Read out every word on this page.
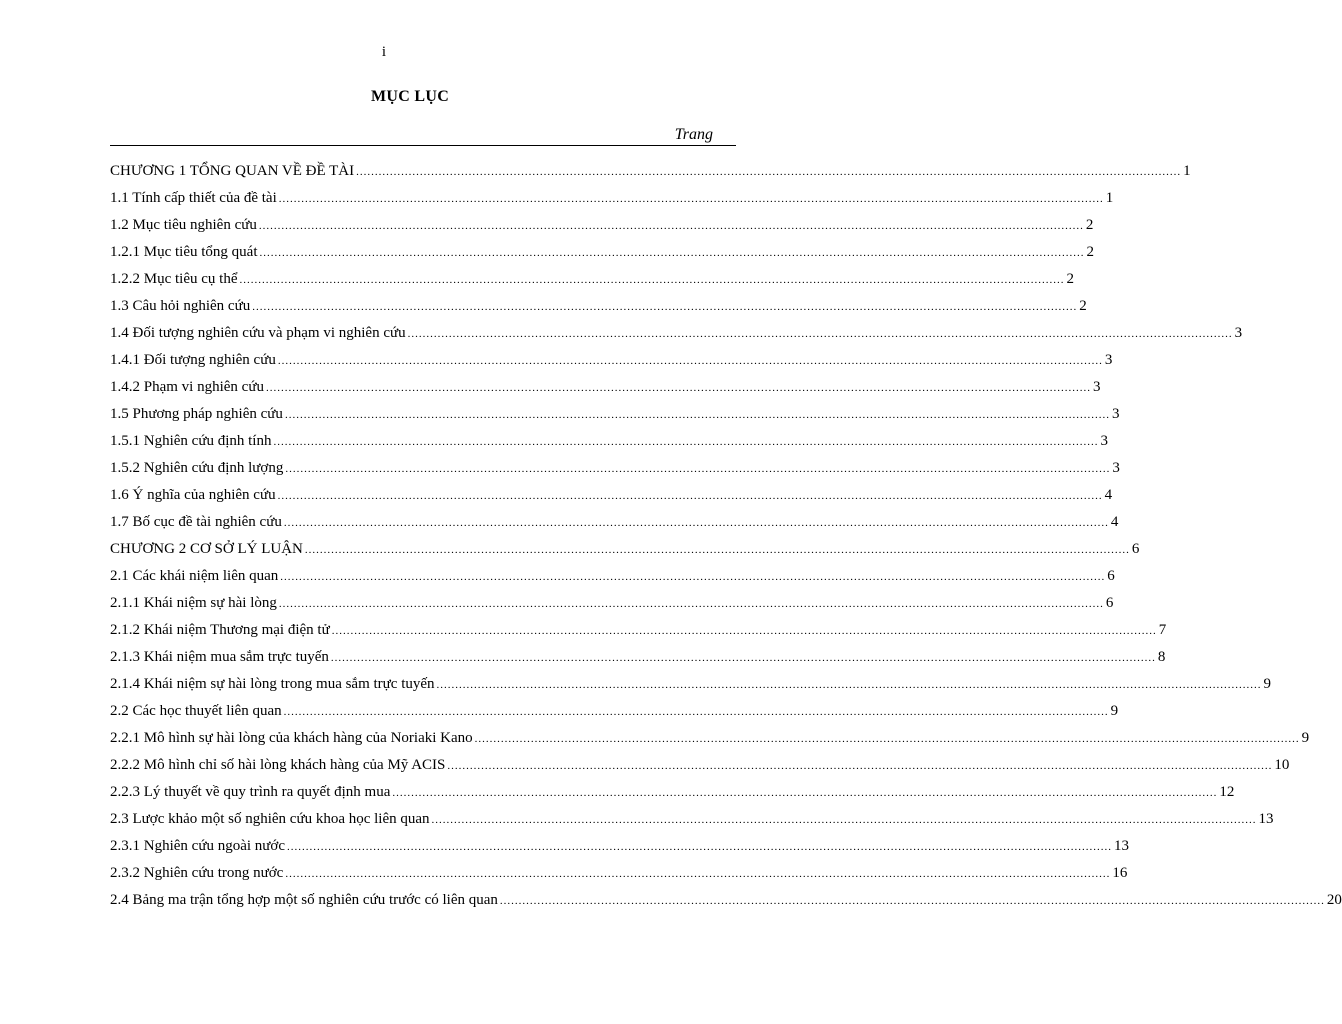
i
MỤC LỤC
Trang
CHƯƠNG 1 TỔNG QUAN VỀ ĐỀ TÀI ............................................................................................................................................................................................................................ 1
1.1 Tính cấp thiết của đề tài ............................................................................................................................................................................................................................ 1
1.2 Mục tiêu nghiên cứu ............................................................................................................................................................................................................................ 2
1.2.1 Mục tiêu tổng quát ............................................................................................................................................................................................................................ 2
1.2.2 Mục tiêu cụ thể ............................................................................................................................................................................................................................ 2
1.3 Câu hỏi nghiên cứu ............................................................................................................................................................................................................................ 2
1.4 Đối tượng nghiên cứu và phạm vi nghiên cứu ............................................................................................................................................................................................................................ 3
1.4.1 Đối tượng nghiên cứu ............................................................................................................................................................................................................................ 3
1.4.2 Phạm vi nghiên cứu ............................................................................................................................................................................................................................ 3
1.5 Phương pháp nghiên cứu ............................................................................................................................................................................................................................ 3
1.5.1 Nghiên cứu định tính ............................................................................................................................................................................................................................ 3
1.5.2 Nghiên cứu định lượng ............................................................................................................................................................................................................................ 3
1.6 Ý nghĩa của nghiên cứu ............................................................................................................................................................................................................................ 4
1.7 Bố cục đề tài nghiên cứu ............................................................................................................................................................................................................................ 4
CHƯƠNG 2 CƠ SỞ LÝ LUẬN ............................................................................................................................................................................................................................ 6
2.1 Các khái niệm liên quan ............................................................................................................................................................................................................................ 6
2.1.1 Khái niệm sự hài lòng ............................................................................................................................................................................................................................ 6
2.1.2 Khái niệm Thương mại điện tử ............................................................................................................................................................................................................................ 7
2.1.3 Khái niệm mua sắm trực tuyến ............................................................................................................................................................................................................................ 8
2.1.4 Khái niệm sự hài lòng trong mua sắm trực tuyến ............................................................................................................................................................................................................................ 9
2.2 Các học thuyết liên quan ............................................................................................................................................................................................................................ 9
2.2.1 Mô hình sự hài lòng của khách hàng của Noriaki Kano ............................................................................................................................................................................................................................ 9
2.2.2 Mô hình chỉ số hài lòng khách hàng của Mỹ ACIS ............................................................................................................................................................................................................................ 10
2.2.3 Lý thuyết về quy trình ra quyết định mua ............................................................................................................................................................................................................................ 12
2.3 Lược khảo một số nghiên cứu khoa học liên quan ............................................................................................................................................................................................................................ 13
2.3.1 Nghiên cứu ngoài nước ............................................................................................................................................................................................................................ 13
2.3.2 Nghiên cứu trong nước ............................................................................................................................................................................................................................ 16
2.4 Bảng ma trận tổng hợp một số nghiên cứu trước có liên quan ............................................................................................................................................................................................................................ 20
